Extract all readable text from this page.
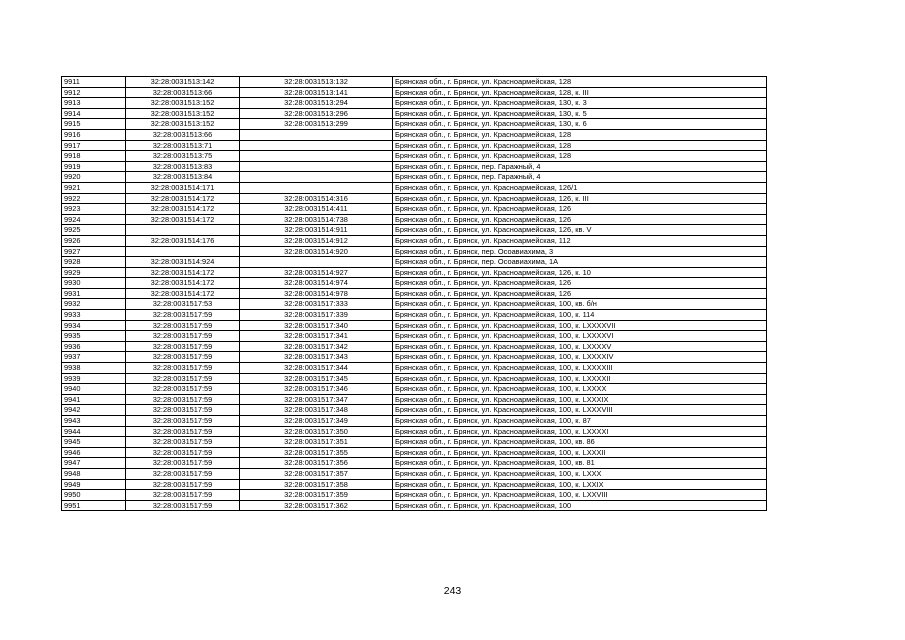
9911	32:28:0031513:142	32:28:0031513:132	Брянская обл., г. Брянск, ул. Красноармейская, 128
9912	32:28:0031513:66	32:28:0031513:141	Брянская обл., г. Брянск, ул. Красноармейская, 128, к. III
9913	32:28:0031513:152	32:28:0031513:294	Брянская обл., г. Брянск, ул. Красноармейская, 130, к. 3
9914	32:28:0031513:152	32:28:0031513:296	Брянская обл., г. Брянск, ул. Красноармейская, 130, к. 5
9915	32:28:0031513:152	32:28:0031513:299	Брянская обл., г. Брянск, ул. Красноармейская, 130, к. 6
9916	32:28:0031513:66		Брянская обл., г. Брянск, ул. Красноармейская, 128
9917	32:28:0031513:71		Брянская обл., г. Брянск, ул. Красноармейская, 128
9918	32:28:0031513:75		Брянская обл., г. Брянск, ул. Красноармейская, 128
9919	32:28:0031513:83		Брянская обл., г. Брянск, пер. Гаражный, 4
9920	32:28:0031513:84		Брянская обл., г. Брянск, пер. Гаражный, 4
9921	32:28:0031514:171		Брянская обл., г. Брянск, ул. Красноармейская, 126/1
9922	32:28:0031514:172	32:28:0031514:316	Брянская обл., г. Брянск, ул. Красноармейская, 126, к. III
9923	32:28:0031514:172	32:28:0031514:411	Брянская обл., г. Брянск, ул. Красноармейская, 126
9924	32:28:0031514:172	32:28:0031514:738	Брянская обл., г. Брянск, ул. Красноармейская, 126
9925		32:28:0031514:911	Брянская обл., г. Брянск, ул. Красноармейская, 126, кв. V
9926	32:28:0031514:176	32:28:0031514:912	Брянская обл., г. Брянск, ул. Красноармейская, 112
9927		32:28:0031514:920	Брянская обл., г. Брянск, пер. Осоавиахима, 3
9928	32:28:0031514:924		Брянская обл., г. Брянск, пер. Осоавиахима, 1А
9929	32:28:0031514:172	32:28:0031514:927	Брянская обл., г. Брянск, ул. Красноармейская, 126, к. 10
9930	32:28:0031514:172	32:28:0031514:974	Брянская обл., г. Брянск, ул. Красноармейская, 126
9931	32:28:0031514:172	32:28:0031514:978	Брянская обл., г. Брянск, ул. Красноармейская, 126
9932	32:28:0031517:53	32:28:0031517:333	Брянская обл., г. Брянск, ул. Красноармейская, 100, кв. б/н
9933	32:28:0031517:59	32:28:0031517:339	Брянская обл., г. Брянск, ул. Красноармейская, 100, к. 114
9934	32:28:0031517:59	32:28:0031517:340	Брянская обл., г. Брянск, ул. Красноармейская, 100, к. LXXXXVII
9935	32:28:0031517:59	32:28:0031517:341	Брянская обл., г. Брянск, ул. Красноармейская, 100, к. LXXXXVI
9936	32:28:0031517:59	32:28:0031517:342	Брянская обл., г. Брянск, ул. Красноармейская, 100, к. LXXXXV
9937	32:28:0031517:59	32:28:0031517:343	Брянская обл., г. Брянск, ул. Красноармейская, 100, к. LXXXXIV
9938	32:28:0031517:59	32:28:0031517:344	Брянская обл., г. Брянск, ул. Красноармейская, 100, к. LXXXXIII
9939	32:28:0031517:59	32:28:0031517:345	Брянская обл., г. Брянск, ул. Красноармейская, 100, к. LXXXXII
9940	32:28:0031517:59	32:28:0031517:346	Брянская обл., г. Брянск, ул. Красноармейская, 100, к. LXXXX
9941	32:28:0031517:59	32:28:0031517:347	Брянская обл., г. Брянск, ул. Красноармейская, 100, к. LXXXIX
9942	32:28:0031517:59	32:28:0031517:348	Брянская обл., г. Брянск, ул. Красноармейская, 100, к. LXXXVIII
9943	32:28:0031517:59	32:28:0031517:349	Брянская обл., г. Брянск, ул. Красноармейская, 100, к. 87
9944	32:28:0031517:59	32:28:0031517:350	Брянская обл., г. Брянск, ул. Красноармейская, 100, к. LXXXXI
9945	32:28:0031517:59	32:28:0031517:351	Брянская обл., г. Брянск, ул. Красноармейская, 100, кв. 86
9946	32:28:0031517:59	32:28:0031517:355	Брянская обл., г. Брянск, ул. Красноармейская, 100, к. LXXXII
9947	32:28:0031517:59	32:28:0031517:356	Брянская обл., г. Брянск, ул. Красноармейская, 100, кв. 81
9948	32:28:0031517:59	32:28:0031517:357	Брянская обл., г. Брянск, ул. Красноармейская, 100, к. LXXX
9949	32:28:0031517:59	32:28:0031517:358	Брянская обл., г. Брянск, ул. Красноармейская, 100, к. LXXIX
9950	32:28:0031517:59	32:28:0031517:359	Брянская обл., г. Брянск, ул. Красноармейская, 100, к. LXXVIII
9951	32:28:0031517:59	32:28:0031517:362	Брянская обл., г. Брянск, ул. Красноармейская, 100
243
